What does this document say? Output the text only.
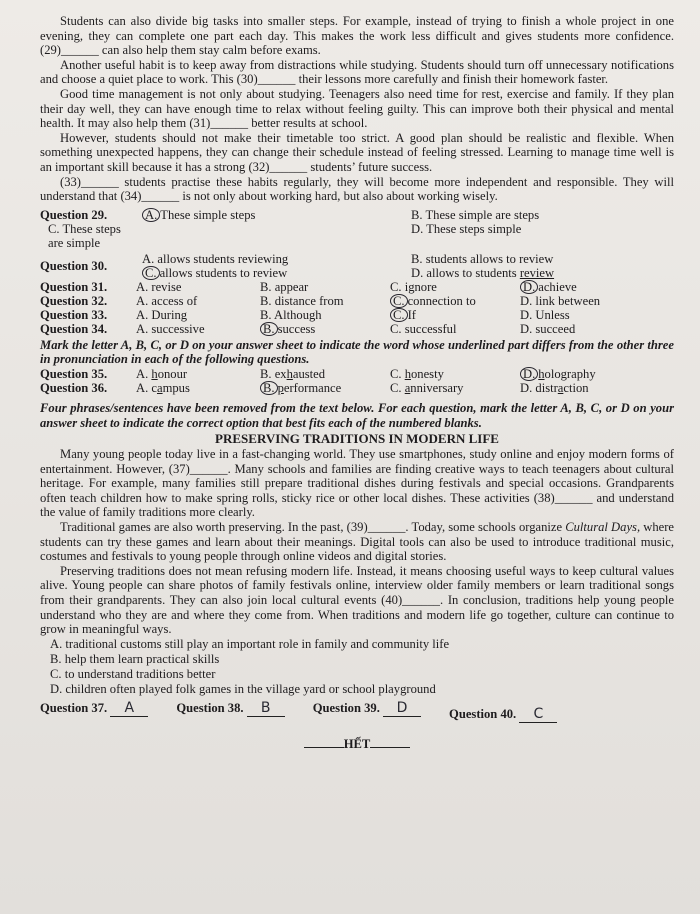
Students can also divide big tasks into smaller steps. For example, instead of trying to finish a whole project in one evening, they can complete one part each day. This makes the work less difficult and gives students more confidence. (29)______ can also help them stay calm before exams.

Another useful habit is to keep away from distractions while studying. Students should turn off unnecessary notifications and choose a quiet place to work. This (30)______ their lessons more carefully and finish their homework faster.

Good time management is not only about studying. Teenagers also need time for rest, exercise and family. If they plan their day well, they can have enough time to relax without feeling guilty. This can improve both their physical and mental health. It may also help them (31)______ better results at school.

However, students should not make their timetable too strict. A good plan should be realistic and flexible. When something unexpected happens, they can change their schedule instead of feeling stressed. Learning to manage time well is an important skill because it has a strong (32)______ students’ future success.

(33)______ students practise these habits regularly, they will become more independent and responsible. They will understand that (34)______ is not only about working hard, but also about working wisely.

Question 29.	A. These simple steps	B. These simple are steps
C. These steps are simple
D. These steps simple
Question 30.	A. allows students reviewing	B. students allows to review
C. allows students to review	D. allows to students review
Question 31.	A. revise	B. appear	C. ignore	D. achieve
Question 32.	A. access of	B. distance from	C. connection to	D. link between
Question 33.	A. During	B. Although	C. If	D. Unless
Question 34.	A. successive	B. success	C. successful	D. succeed

Mark the letter A, B, C, or D on your answer sheet to indicate the word whose underlined part differs from the other three in pronunciation in each of the following questions.

Question 35.	A. honour	B. exhausted	C. honesty	D. holography
Question 36.	A. campus	B. performance	C. anniversary	D. distraction

Four phrases/sentences have been removed from the text below. For each question, mark the letter A, B, C, or D on your answer sheet to indicate the correct option that best fits each of the numbered blanks.

PRESERVING TRADITIONS IN MODERN LIFE

Many young people today live in a fast-changing world. They use smartphones, study online and enjoy modern forms of entertainment. However, (37)______. Many schools and families are finding creative ways to teach teenagers about cultural heritage. For example, many families still prepare traditional dishes during festivals and special occasions. Grandparents often teach children how to make spring rolls, sticky rice or other local dishes. These activities (38)______ and understand the value of family traditions more clearly.

Traditional games are also worth preserving. In the past, (39)______. Today, some schools organize Cultural Days, where students can try these games and learn about their meanings. Digital tools can also be used to introduce traditional music, costumes and festivals to young people through online videos and digital stories.

Preserving traditions does not mean refusing modern life. Instead, it means choosing useful ways to keep cultural values alive. Young people can share photos of family festivals online, interview older family members or learn traditional songs from their grandparents. They can also join local cultural events (40)______. In conclusion, traditions help young people understand who they are and where they come from. When traditions and modern life go together, culture can continue to grow in meaningful ways.

A. traditional customs still play an important role in family and community life
B. help them learn practical skills
C. to understand traditions better
D. children often played folk games in the village yard or school playground
Question 37. A	Question 38. B	Question 39. D	Question 40. C
HẾT
